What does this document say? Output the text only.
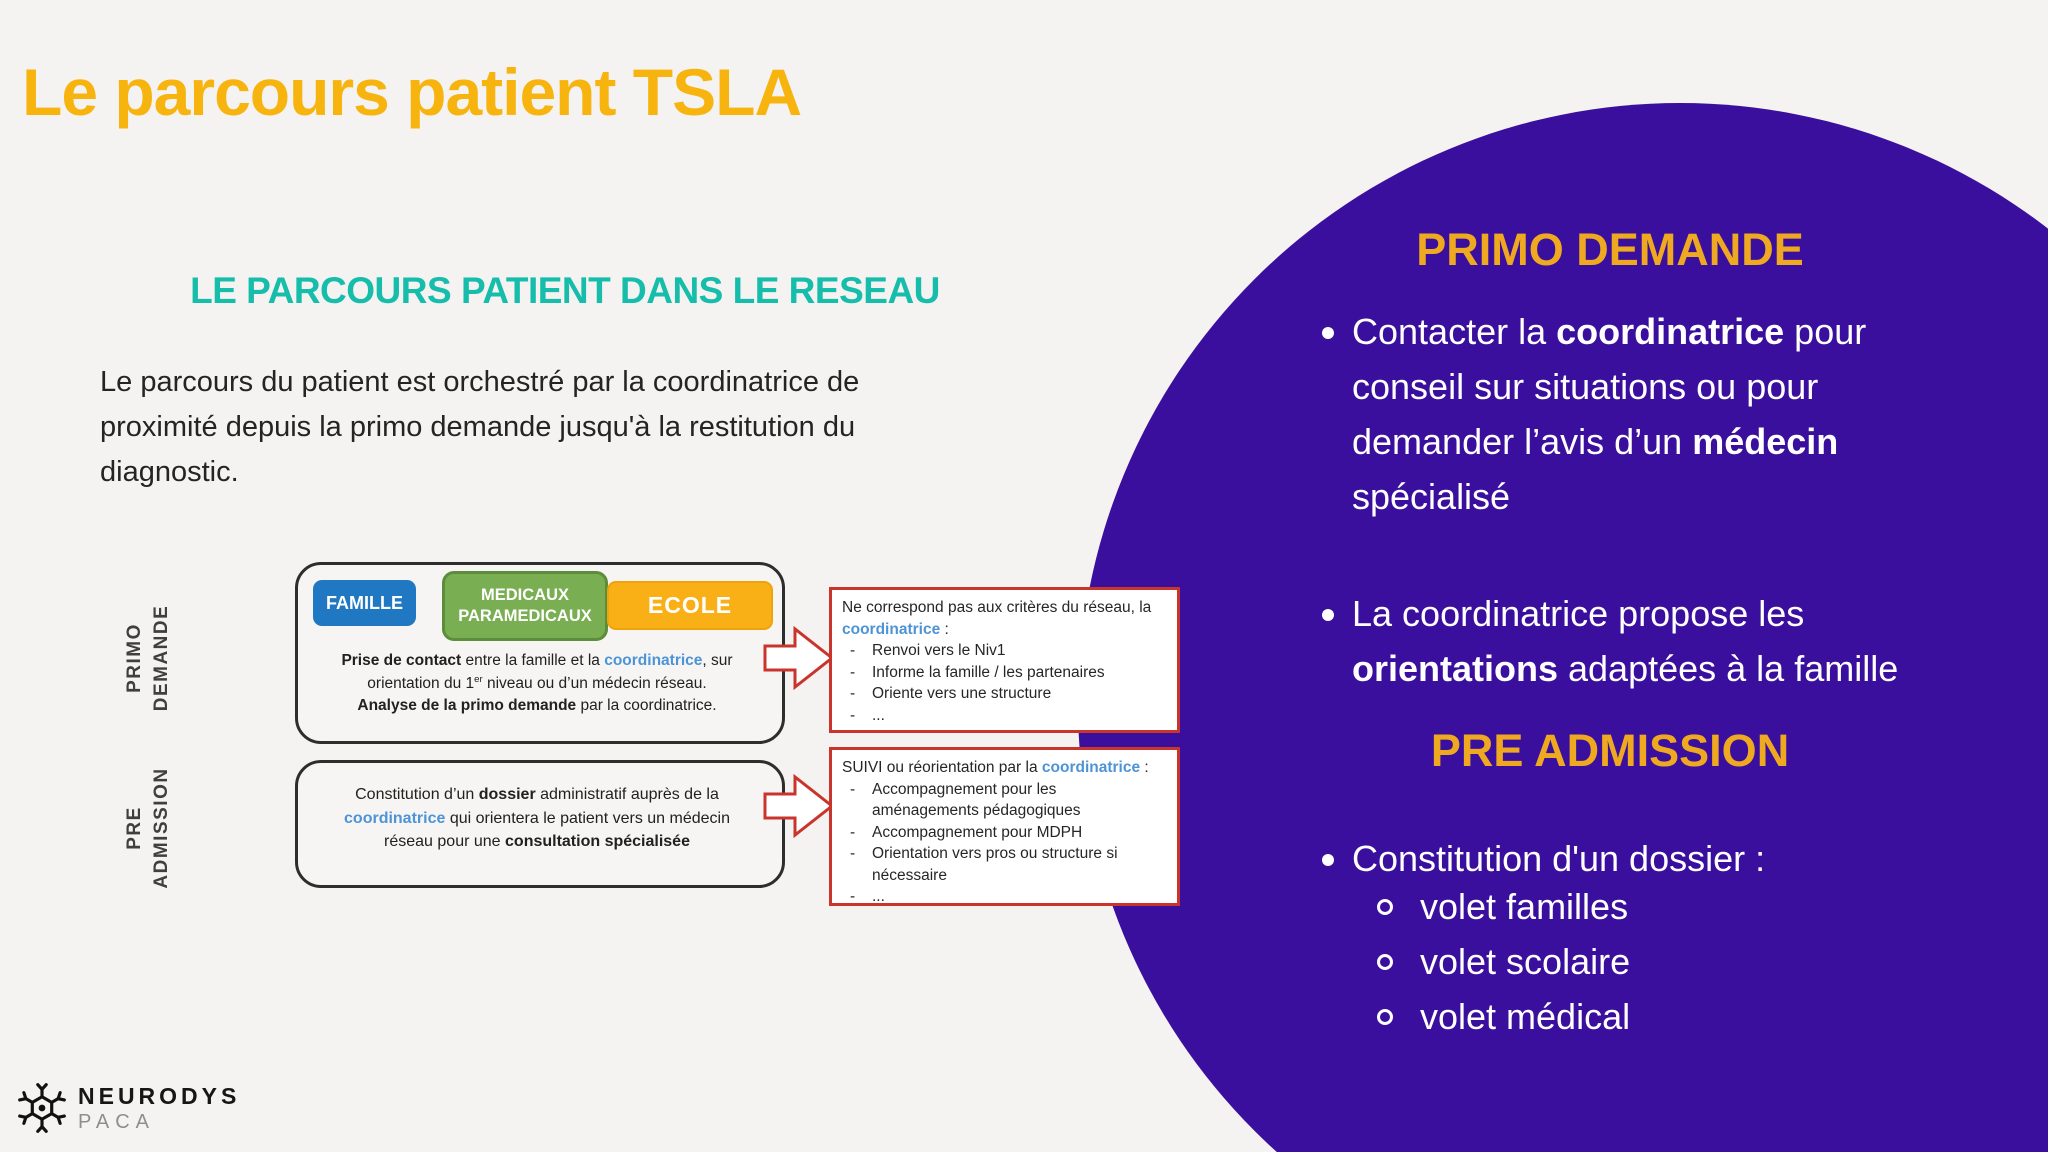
Le parcours patient TSLA
LE PARCOURS PATIENT DANS LE RESEAU
Le parcours du patient est orchestré par la coordinatrice de
proximité depuis la primo demande jusqu'à la restitution du
diagnostic.
PRIMO DEMANDE
PRE ADMISSION
FAMILLE	MEDICAUX
PARAMEDICAUX	ECOLE
Prise de contact entre la famille et la coordinatrice, sur
orientation du 1er niveau ou d’un médecin réseau.
Analyse de la primo demande par la coordinatrice.
Constitution d’un dossier administratif auprès de la
coordinatrice qui orientera le patient vers un médecin
réseau pour une consultation spécialisée
Ne correspond pas aux critères du réseau, la coordinatrice :
-	Renvoi vers le Niv1
-	Informe la famille / les partenaires
-	Oriente vers une structure
-	...
SUIVI ou réorientation par la coordinatrice :
-	Accompagnement pour les aménagements pédagogiques
-	Accompagnement pour MDPH
-	Orientation vers pros ou structure si nécessaire
-	...
PRIMO DEMANDE
Contacter la coordinatrice pour
conseil sur situations ou pour
demander l’avis d’un médecin
spécialisé
La coordinatrice propose les
orientations adaptées à la famille
PRE ADMISSION
Constitution d'un dossier :
volet familles
volet scolaire
volet médical
NEURODYS
PACA
